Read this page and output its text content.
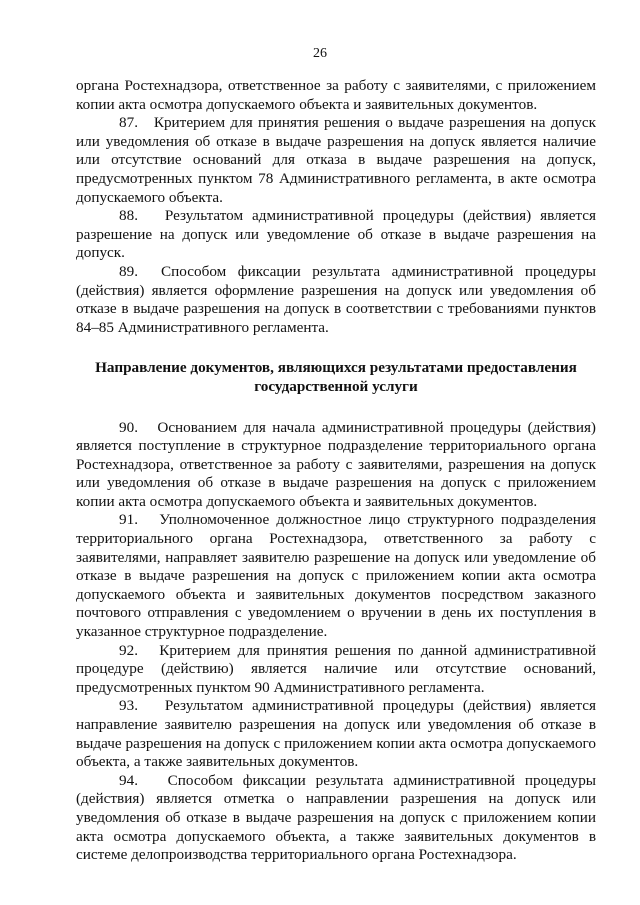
26

органа Ростехнадзора, ответственное за работу с заявителями, с приложением копии акта осмотра допускаемого объекта и заявительных документов.

87.   Критерием для принятия решения о выдаче разрешения на допуск или уведомления об отказе в выдаче разрешения на допуск является наличие или отсутствие оснований для отказа в выдаче разрешения на допуск, предусмотренных пунктом 78 Административного регламента, в акте осмотра допускаемого объекта.

88.   Результатом административной процедуры (действия) является разрешение на допуск или уведомление об отказе в выдаче разрешения на допуск.

89.  Способом фиксации результата административной процедуры (действия) является оформление разрешения на допуск или уведомления об отказе в выдаче разрешения на допуск в соответствии с требованиями пунктов 84–85 Административного регламента.

Направление документов, являющихся результатами предоставления государственной услуги

90.   Основанием для начала административной процедуры (действия) является поступление в структурное подразделение территориального органа Ростехнадзора, ответственное за работу с заявителями, разрешения на допуск или уведомления об отказе в выдаче разрешения на допуск с приложением копии акта осмотра допускаемого объекта и заявительных документов.

91.   Уполномоченное должностное лицо структурного подразделения территориального органа Ростехнадзора, ответственного за работу с заявителями, направляет заявителю разрешение на допуск или уведомление об отказе в выдаче разрешения на допуск с приложением копии акта осмотра допускаемого объекта и заявительных документов посредством заказного почтового отправления с уведомлением о вручении в день их поступления в указанное структурное подразделение.

92.   Критерием для принятия решения по данной административной процедуре (действию) является наличие или отсутствие оснований, предусмотренных пунктом 90 Административного регламента.

93.   Результатом административной процедуры (действия) является направление заявителю разрешения на допуск или уведомления об отказе в выдаче разрешения на допуск с приложением копии акта осмотра допускаемого объекта, а также заявительных документов.

94.   Способом фиксации результата административной процедуры (действия) является отметка о направлении разрешения на допуск или уведомления об отказе в выдаче разрешения на допуск с приложением копии акта осмотра допускаемого объекта, а также заявительных документов в системе делопроизводства территориального органа Ростехнадзора.
